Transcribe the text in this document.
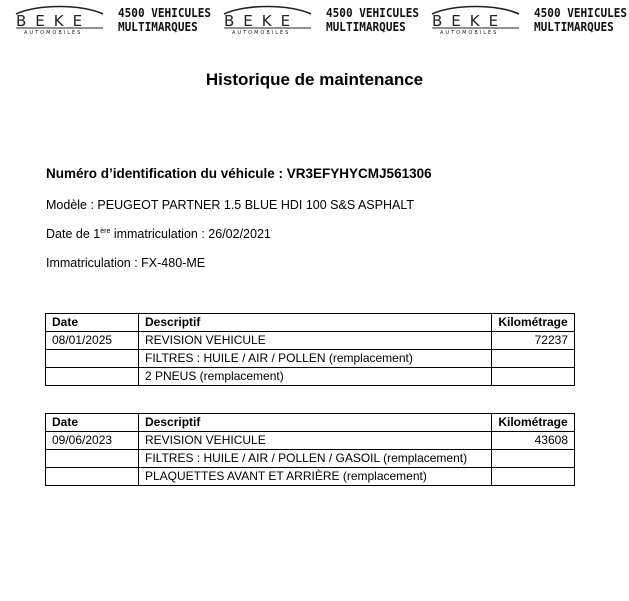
BEKE
AUTOMOBILES
4500 VEHICULES
MULTIMARQUES	BEKE
AUTOMOBILES
4500 VEHICULES
MULTIMARQUES	BEKE
AUTOMOBILES
4500 VEHICULES
MULTIMARQUES
Historique de maintenance
Numéro d’identification du véhicule : VR3EFYHYCMJ561306
Modèle : PEUGEOT PARTNER 1.5 BLUE HDI 100 S&S ASPHALT
Date de 1ère immatriculation : 26/02/2021
Immatriculation : FX-480-ME
Date	Descriptif	Kilométrage
08/01/2025	REVISION VEHICULE	72237
	FILTRES : HUILE / AIR / POLLEN (remplacement)	
	2 PNEUS (remplacement)	
Date	Descriptif	Kilométrage
09/06/2023	REVISION VEHICULE	43608
	FILTRES : HUILE / AIR / POLLEN / GASOIL (remplacement)	
	PLAQUETTES AVANT ET ARRIÈRE (remplacement)	
